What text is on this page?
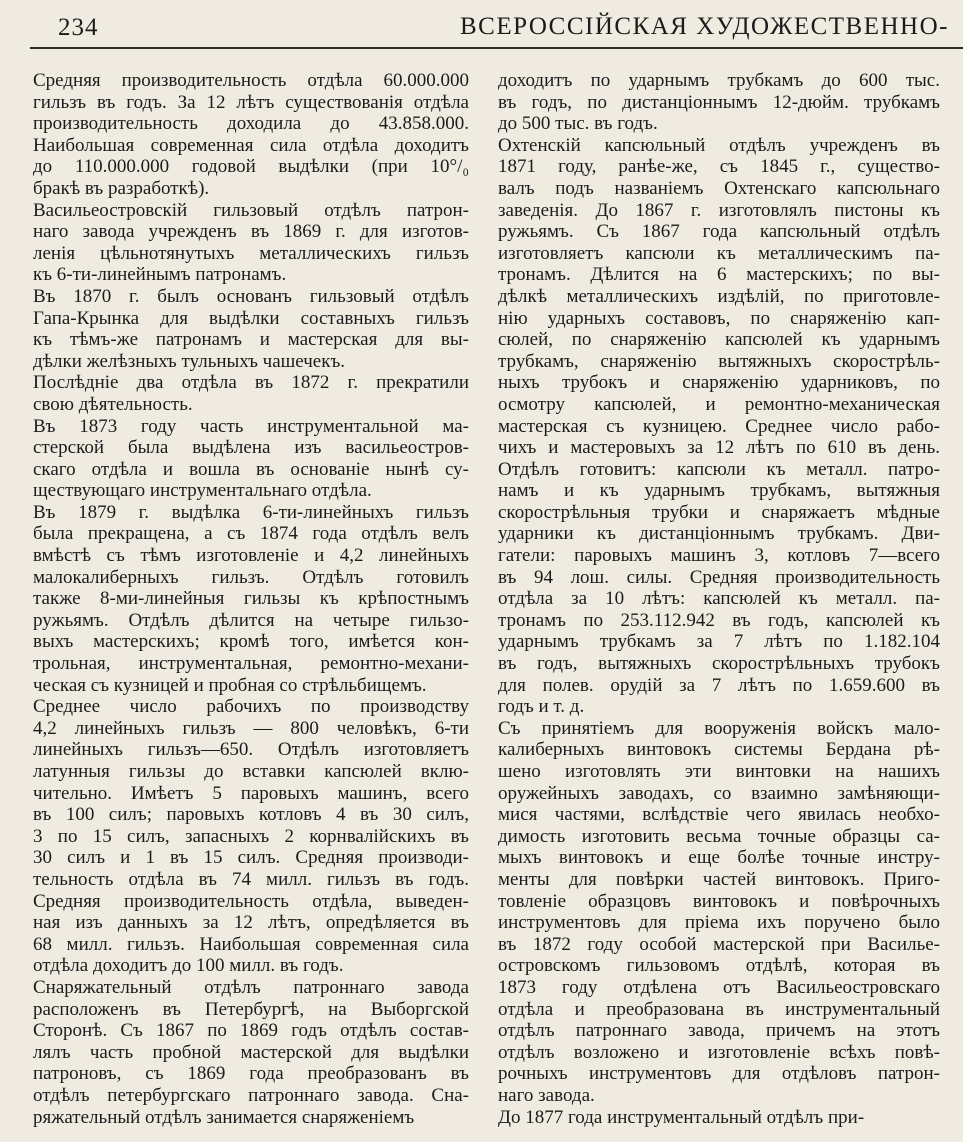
234	ВСЕРОССІЙСКАЯ ХУДОЖЕСТВЕННО-
Средняя производительность отдѣла 60.000.000
гильзъ въ годъ. За 12 лѣтъ существованія отдѣла
производительность доходила до 43.858.000.
Наибольшая современная сила отдѣла доходитъ
до 110.000.000 годовой выдѣлки (при 10°/₀
бракѣ въ разработкѣ).
Васильеостровскій гильзовый отдѣлъ патрон-
наго завода учрежденъ въ 1869 г. для изготов-
ленія цѣльнотянутыхъ металлическихъ гильзъ
къ 6-ти-линейнымъ патронамъ.
Въ 1870 г. былъ основанъ гильзовый отдѣлъ
Гапа-Крынка для выдѣлки составныхъ гильзъ
къ тѣмъ-же патронамъ и мастерская для вы-
дѣлки желѣзныхъ тульныхъ чашечекъ.
Послѣдніе два отдѣла въ 1872 г. прекратили
свою дѣятельность.
Въ 1873 году часть инструментальной ма-
стерской была выдѣлена изъ васильеостров-
скаго отдѣла и вошла въ основаніе нынѣ су-
ществующаго инструментальнаго отдѣла.
Въ 1879 г. выдѣлка 6-ти-линейныхъ гильзъ
была прекращена, а съ 1874 года отдѣлъ велъ
вмѣстѣ съ тѣмъ изготовленіе и 4,2 линейныхъ
малокалиберныхъ гильзъ. Отдѣлъ готовилъ
также 8-ми-линейныя гильзы къ крѣпостнымъ
ружьямъ. Отдѣлъ дѣлится на четыре гильзо-
выхъ мастерскихъ; кромѣ того, имѣется кон-
трольная, инструментальная, ремонтно-механи-
ческая съ кузницей и пробная со стрѣльбищемъ.
Среднее число рабочихъ по производству
4,2 линейныхъ гильзъ — 800 человѣкъ, 6-ти
линейныхъ гильзъ—650. Отдѣлъ изготовляетъ
латунныя гильзы до вставки капсюлей вклю-
чительно. Имѣетъ 5 паровыхъ машинъ, всего
въ 100 силъ; паровыхъ котловъ 4 въ 30 силъ,
3 по 15 силъ, запасныхъ 2 корнвалійскихъ въ
30 силъ и 1 въ 15 силъ. Средняя производи-
тельность отдѣла въ 74 милл. гильзъ въ годъ.
Средняя производительность отдѣла, выведен-
ная изъ данныхъ за 12 лѣтъ, опредѣляется въ
68 милл. гильзъ. Наибольшая современная сила
отдѣла доходитъ до 100 милл. въ годъ.
Снаряжательный отдѣлъ патроннаго завода
расположенъ въ Петербургѣ, на Выборгской
Сторонѣ. Съ 1867 по 1869 годъ отдѣлъ состав-
лялъ часть пробной мастерской для выдѣлки
патроновъ, съ 1869 года преобразованъ въ
отдѣлъ петербургскаго патроннаго завода. Сна-
ряжательный отдѣлъ занимается снаряженіемъ
доходитъ по ударнымъ трубкамъ до 600 тыс.
въ годъ, по дистанціоннымъ 12-дюйм. трубкамъ
до 500 тыс. въ годъ.
Охтенскій капсюльный отдѣлъ учрежденъ въ
1871 году, ранѣе-же, съ 1845 г., существо-
валъ подъ названіемъ Охтенскаго капсюльнаго
заведенія. До 1867 г. изготовлялъ пистоны къ
ружьямъ. Съ 1867 года капсюльный отдѣлъ
изготовляетъ капсюли къ металлическимъ па-
тронамъ. Дѣлится на 6 мастерскихъ; по вы-
дѣлкѣ металлическихъ издѣлій, по приготовле-
нію ударныхъ составовъ, по снаряженію кап-
сюлей, по снаряженію капсюлей къ ударнымъ
трубкамъ, снаряженію вытяжныхъ скорострѣль-
ныхъ трубокъ и снаряженію ударниковъ, по
осмотру капсюлей, и ремонтно-механическая
мастерская съ кузницею. Среднее число рабо-
чихъ и мастеровыхъ за 12 лѣтъ по 610 въ день.
Отдѣлъ готовитъ: капсюли къ металл. патро-
намъ и къ ударнымъ трубкамъ, вытяжныя
скорострѣльныя трубки и снаряжаетъ мѣдные
ударники къ дистанціоннымъ трубкамъ. Дви-
гатели: паровыхъ машинъ 3, котловъ 7—всего
въ 94 лош. силы. Средняя производительность
отдѣла за 10 лѣтъ: капсюлей къ металл. па-
тронамъ по 253.112.942 въ годъ, капсюлей къ
ударнымъ трубкамъ за 7 лѣтъ по 1.182.104
въ годъ, вытяжныхъ скорострѣльныхъ трубокъ
для полев. орудій за 7 лѣтъ по 1.659.600 въ
годъ и т. д.
Съ принятіемъ для вооруженія войскъ мало-
калиберныхъ винтовокъ системы Бердана рѣ-
шено изготовлять эти винтовки на нашихъ
оружейныхъ заводахъ, со взаимно замѣняющи-
мися частями, вслѣдствіе чего явилась необхо-
димость изготовить весьма точные образцы са-
мыхъ винтовокъ и еще болѣе точные инстру-
менты для повѣрки частей винтовокъ. Приго-
товленіе образцовъ винтовокъ и повѣрочныхъ
инструментовъ для пріема ихъ поручено было
въ 1872 году особой мастерской при Василье-
островскомъ гильзовомъ отдѣлѣ, которая въ
1873 году отдѣлена отъ Васильеостровскаго
отдѣла и преобразована въ инструментальный
отдѣлъ патроннаго завода, причемъ на этотъ
отдѣлъ возложено и изготовленіе всѣхъ повѣ-
рочныхъ инструментовъ для отдѣловъ патрон-
наго завода.
До 1877 года инструментальный отдѣлъ при-
